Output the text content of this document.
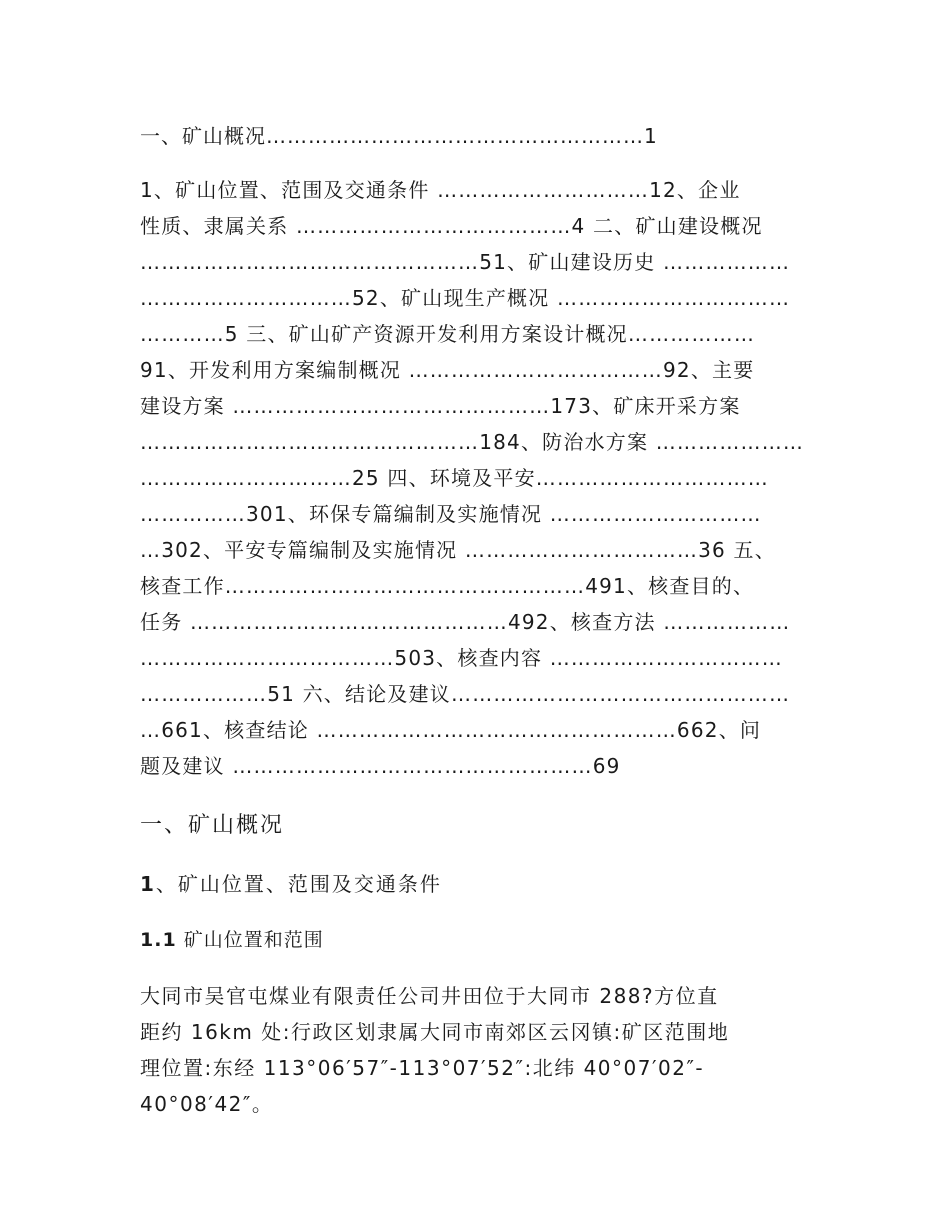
一、矿山概况………………………………………………1
1、矿山位置、范围及交通条件 …………………………12、企业
性质、隶属关系 …………………………………4 二、矿山建设概况
…………………………………………51、矿山建设历史 ………………
…………………………52、矿山现生产概况 ……………………………
…………5 三、矿山矿产资源开发利用方案设计概况………………
91、开发利用方案编制概况 ………………………………92、主要
建设方案 ………………………………………173、矿床开采方案
…………………………………………184、防治水方案 …………………
…………………………25 四、环境及平安……………………………
……………301、环保专篇编制及实施情况 …………………………
…302、平安专篇编制及实施情况 ……………………………36 五、
核查工作……………………………………………491、核查目的、
任务 ………………………………………492、核查方法 ………………
………………………………503、核查内容 ……………………………
………………51 六、结论及建议…………………………………………
…661、核查结论 ……………………………………………662、问
题及建议 ……………………………………………69
一、矿山概况
1、矿山位置、范围及交通条件
1.1 矿山位置和范围
大同市吴官屯煤业有限责任公司井田位于大同市 288?方位直
距约 16km 处:行政区划隶属大同市南郊区云冈镇:矿区范围地
理位置:东经 113°06′57″-113°07′52″:北纬 40°07′02″-
40°08′42″。
